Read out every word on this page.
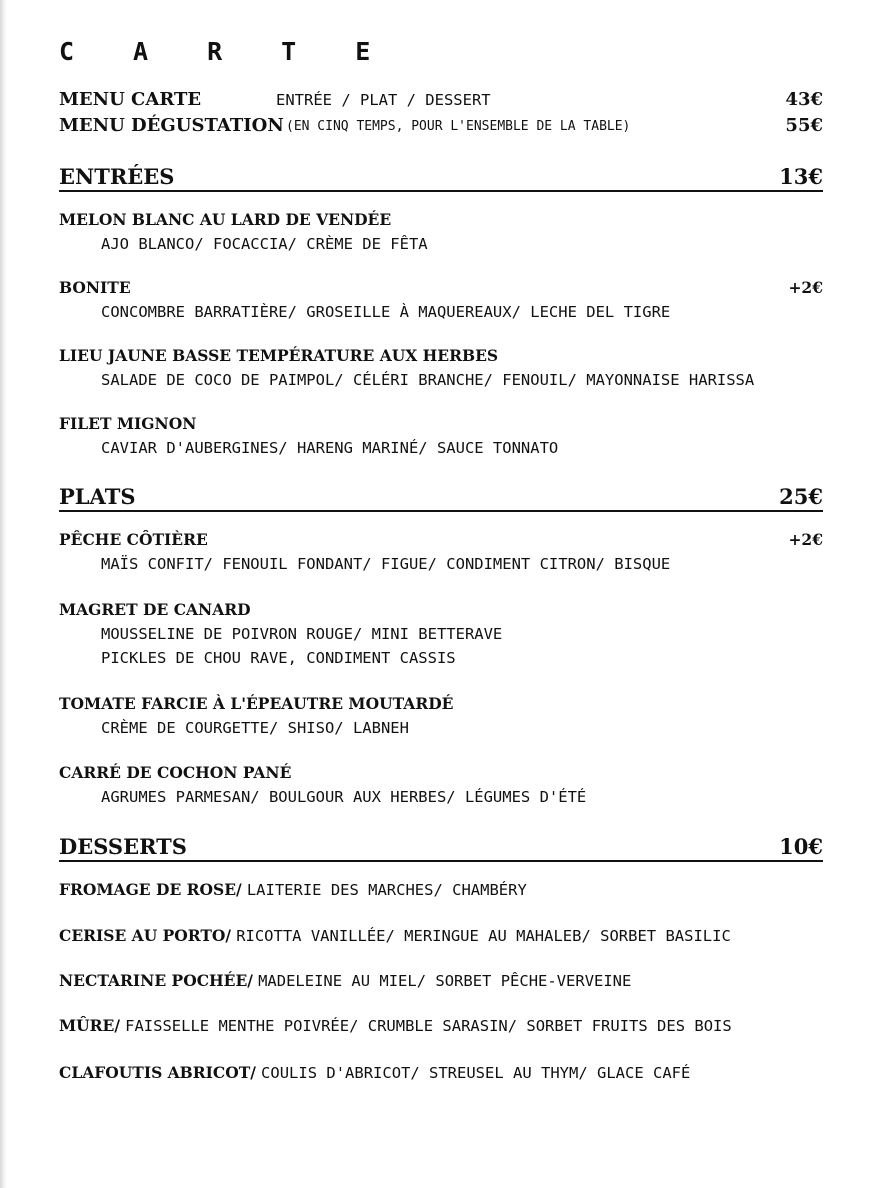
CARTE
MENU CARTE	ENTRÉE / PLAT / DESSERT	43€
MENU DÉGUSTATION (EN CINQ TEMPS, POUR L'ENSEMBLE DE LA TABLE)	55€
ENTRÉES	13€
MELON BLANC AU LARD DE VENDÉE
AJO BLANCO/ FOCACCIA/ CRÈME DE FÊTA
BONITE	+2€
CONCOMBRE BARRATIÈRE/ GROSEILLE À MAQUEREAUX/ LECHE DEL TIGRE
LIEU JAUNE BASSE TEMPÉRATURE AUX HERBES
SALADE DE COCO DE PAIMPOL/ CÉLÉRI BRANCHE/ FENOUIL/ MAYONNAISE HARISSA
FILET MIGNON
CAVIAR D'AUBERGINES/ HARENG MARINÉ/ SAUCE TONNATO
PLATS	25€
PÊCHE CÔTIÈRE	+2€
MAÏS CONFIT/ FENOUIL FONDANT/ FIGUE/ CONDIMENT CITRON/ BISQUE
MAGRET DE CANARD
MOUSSELINE DE POIVRON ROUGE/ MINI BETTERAVE
PICKLES DE CHOU RAVE, CONDIMENT CASSIS
TOMATE FARCIE À L'ÉPEAUTRE MOUTARDÉ
CRÈME DE COURGETTE/ SHISO/ LABNEH
CARRÉ DE COCHON PANÉ
AGRUMES PARMESAN/ BOULGOUR AUX HERBES/ LÉGUMES D'ÉTÉ
DESSERTS	10€
FROMAGE DE ROSE/ LAITERIE DES MARCHES/ CHAMBÉRY
CERISE AU PORTO/ RICOTTA VANILLÉE/ MERINGUE AU MAHALEB/ SORBET BASILIC
NECTARINE POCHÉE/ MADELEINE AU MIEL/ SORBET PÊCHE-VERVEINE
MÛRE/ FAISSELLE MENTHE POIVRÉE/ CRUMBLE SARASIN/ SORBET FRUITS DES BOIS
CLAFOUTIS ABRICOT/ COULIS D'ABRICOT/ STREUSEL AU THYM/ GLACE CAFÉ
